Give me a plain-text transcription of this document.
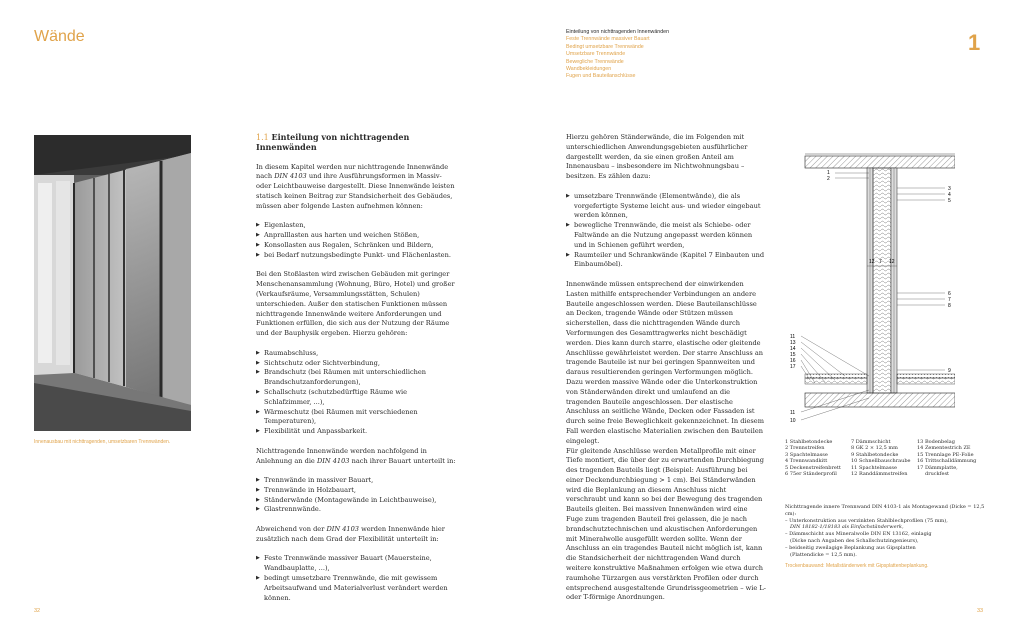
Wände	1
Einteilung von nichttragenden Innenwänden
Feste Trennwände massiver Bauart
Bedingt umsetzbare Trennwände
Umsetzbare Trennwände
Bewegliche Trennwände
Wandbekleidungen
Fugen und Bauteilanschlüsse
Innenausbau mit nichttragenden, umsetzbaren Trennwänden.
1.1 Einteilung von nichttragenden Innenwänden

In diesem Kapitel werden nur nichttragende Innenwände nach DIN 4103 und ihre Ausführungsformen in Massiv- oder Leichtbauweise dargestellt. Diese Innenwände leisten statisch keinen Beitrag zur Standsicherheit des Gebäudes, müssen aber folgende Lasten aufnehmen können:

▶ Eigenlasten,
▶ Anpralllasten aus harten und weichen Stößen,
▶ Konsollasten aus Regalen, Schränken und Bildern,
▶ bei Bedarf nutzungsbedingte Punkt- und Flächenlasten.

Bei den Stoßlasten wird zwischen Gebäuden mit geringer Menschenansammlung (Wohnung, Büro, Hotel) und großer (Verkaufsräume, Versammlungsstätten, Schulen) unterschieden. Außer den statischen Funktionen müssen nichttragende Innenwände weitere Anforderungen und Funktionen erfüllen, die sich aus der Nutzung der Räume und der Bauphysik ergeben. Hierzu gehören:

▶ Raumabschluss,
▶ Sichtschutz oder Sichtverbindung,
▶ Brandschutz (bei Räumen mit unterschiedlichen Brandschutzanforderungen),
▶ Schallschutz (schutzbedürftige Räume wie Schlafzimmer, ...),
▶ Wärmeschutz (bei Räumen mit verschiedenen Temperaturen),
▶ Flexibilität und Anpassbarkeit.

Nichttragende Innenwände werden nachfolgend in Anlehnung an die DIN 4103 nach ihrer Bauart unterteilt in:

▶ Trennwände in massiver Bauart,
▶ Trennwände in Holzbauart,
▶ Ständerwände (Montagewände in Leichtbauweise),
▶ Glastrennwände.

Abweichend von der DIN 4103 werden Innenwände hier zusätzlich nach dem Grad der Flexibilität unterteilt in:

▶ Feste Trennwände massiver Bauart (Mauersteine, Wandbauplatte, ...),
▶ bedingt umsetzbare Trennwände, die mit gewissem Arbeitsaufwand und Materialverlust verändert werden können.

Hierzu gehören Ständerwände, die im Folgenden mit unterschiedlichen Anwendungsgebieten ausführlicher dargestellt werden, da sie einen großen Anteil am Innenausbau – insbesondere im Nichtwohnungsbau – besitzen. Es zählen dazu:

▶ umsetzbare Trennwände (Elementwände), die als vorgefertigte Systeme leicht aus- und wieder eingebaut werden können,
▶ bewegliche Trennwände, die meist als Schiebe- oder Faltwände an die Nutzung angepasst werden können und in Schienen geführt werden,
▶ Raumteiler und Schrankwände (Kapitel 7 Einbauten und Einbaumöbel).

Innenwände müssen entsprechend der einwirkenden Lasten mithilfe entsprechender Verbindungen an andere Bauteile angeschlossen werden. Diese Bauteilanschlüsse an Decken, tragende Wände oder Stützen müssen sicherstellen, dass die nichttragenden Wände durch Verformungen des Gesamttragwerks nicht beschädigt werden. Dies kann durch starre, elastische oder gleitende Anschlüsse gewährleistet werden. Der starre Anschluss an tragende Bauteile ist nur bei geringen Spannweiten und daraus resultierenden geringen Verformungen möglich. Dazu werden massive Wände oder die Unterkonstruktion von Ständerwänden direkt und umlaufend an die tragenden Bauteile angeschlossen. Der elastische Anschluss an seitliche Wände, Decken oder Fassaden ist durch seine freie Beweglichkeit gekennzeichnet. In diesem Fall werden elastische Materialien zwischen den Bauteilen eingelegt.

Für gleitende Anschlüsse werden Metallprofile mit einer Tiefe montiert, die über der zu erwartenden Durchbiegung des tragenden Bauteils liegt (Beispiel: Ausführung bei einer Deckendurchbiegung > 1 cm). Bei Ständerwänden wird die Beplankung an diesem Anschluss nicht verschraubt und kann so bei der Bewegung des tragenden Bauteils gleiten. Bei massiven Innenwänden wird eine Fuge zum tragenden Bauteil frei gelassen, die je nach brandschutztechnischen und akustischen Anforderungen mit Mineralwolle ausgefüllt werden sollte. Wenn der Anschluss an ein tragendes Bauteil nicht möglich ist, kann die Standsicherheit der nichttragenden Wand durch weitere konstruktive Maßnahmen erfolgen wie etwa durch raumhohe Türzargen aus verstärkten Profilen oder durch entsprechend ausgestaltende Grundrissgeometrien – wie L- oder T-förmige Anordnungen.

12 7 12
1
2
11
13
14
15
16
17
11
10
3
4
5
6
7
8
9
1 Stahlbetondecke	7 Dämmschicht	13 Bodenbelag
2 Trennstreifen	8 GK 2 × 12,5 mm	14 Zementestrich ZE
3 Spachtelmasse	9 Stahlbetondecke	15 Trennlage PE-Folie
4 Trennwandkitt	10 Schnellbauschraube	16 Trittschalldämmung
5 Deckenstreifenbrett	11 Spachtelmasse	17 Dämmplatte,
6 75er Ständerprofil	12 Randdämmstreifen	druckfest
Nichttragende innere Trennwand DIN 4103-1 als Montagewand (Dicke = 12,5 cm):
– Unterkonstruktion aus verzinkten Stahlblechprofilen (75 mm),
DIN 18182-1/18183 als Einfachständerwerk,
– Dämmschicht aus Mineralwolle DIN EN 13162, einlagig
(Dicke nach Angaben des Schallschutzingenieurs),
– beidseitig zweilagige Beplankung aus Gipsplatten
(Plattendicke = 12,5 mm).
Trockenbauwand: Metallständerwerk mit Gipsplattenbeplankung.
32	33
